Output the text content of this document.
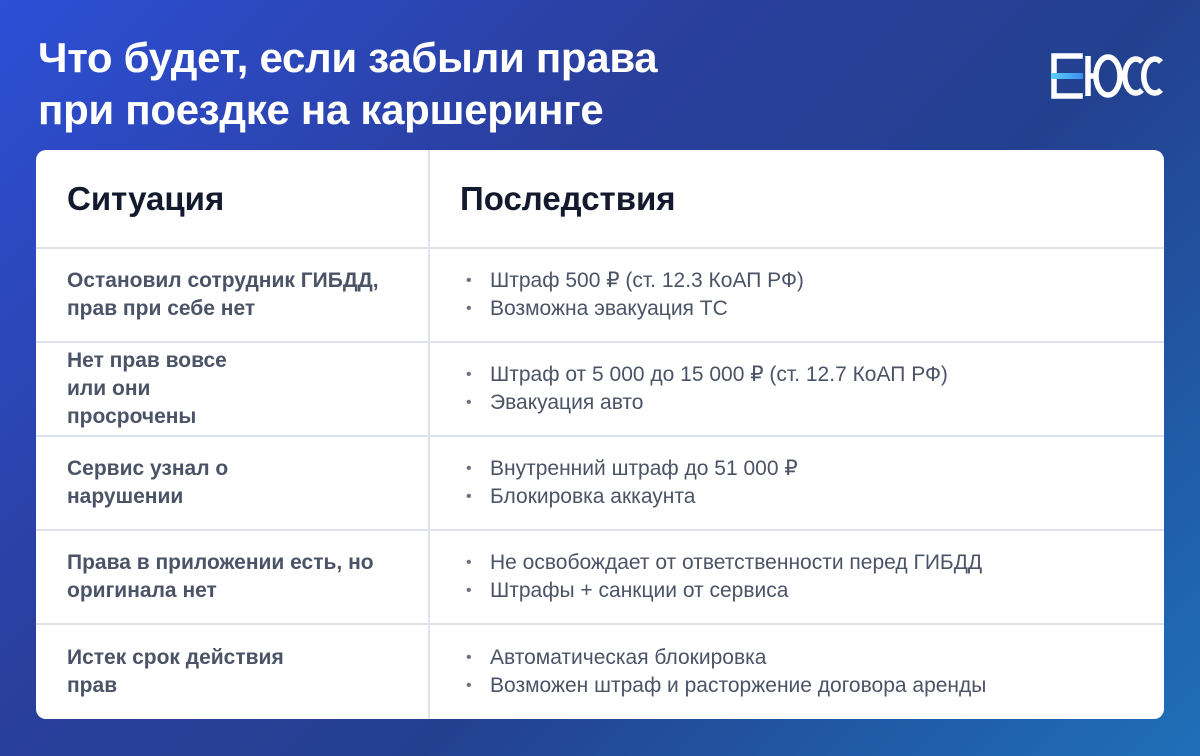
Что будет, если забыли права
при поездке на каршеринге
Ситуация	Последствия
Остановил сотрудник ГИБДД, прав при себе нет
• Штраф 500 ₽ (ст. 12.3 КоАП РФ)
• Возможна эвакуация ТС
Нет прав вовсе или они просрочены
• Штраф от 5 000 до 15 000 ₽ (ст. 12.7 КоАП РФ)
• Эвакуация авто
Сервис узнал о нарушении
• Внутренний штраф до 51 000 ₽
• Блокировка аккаунта
Права в приложении есть, но оригинала нет
• Не освобождает от ответственности перед ГИБДД
• Штрафы + санкции от сервиса
Истек срок действия прав
• Автоматическая блокировка
• Возможен штраф и расторжение договора аренды
